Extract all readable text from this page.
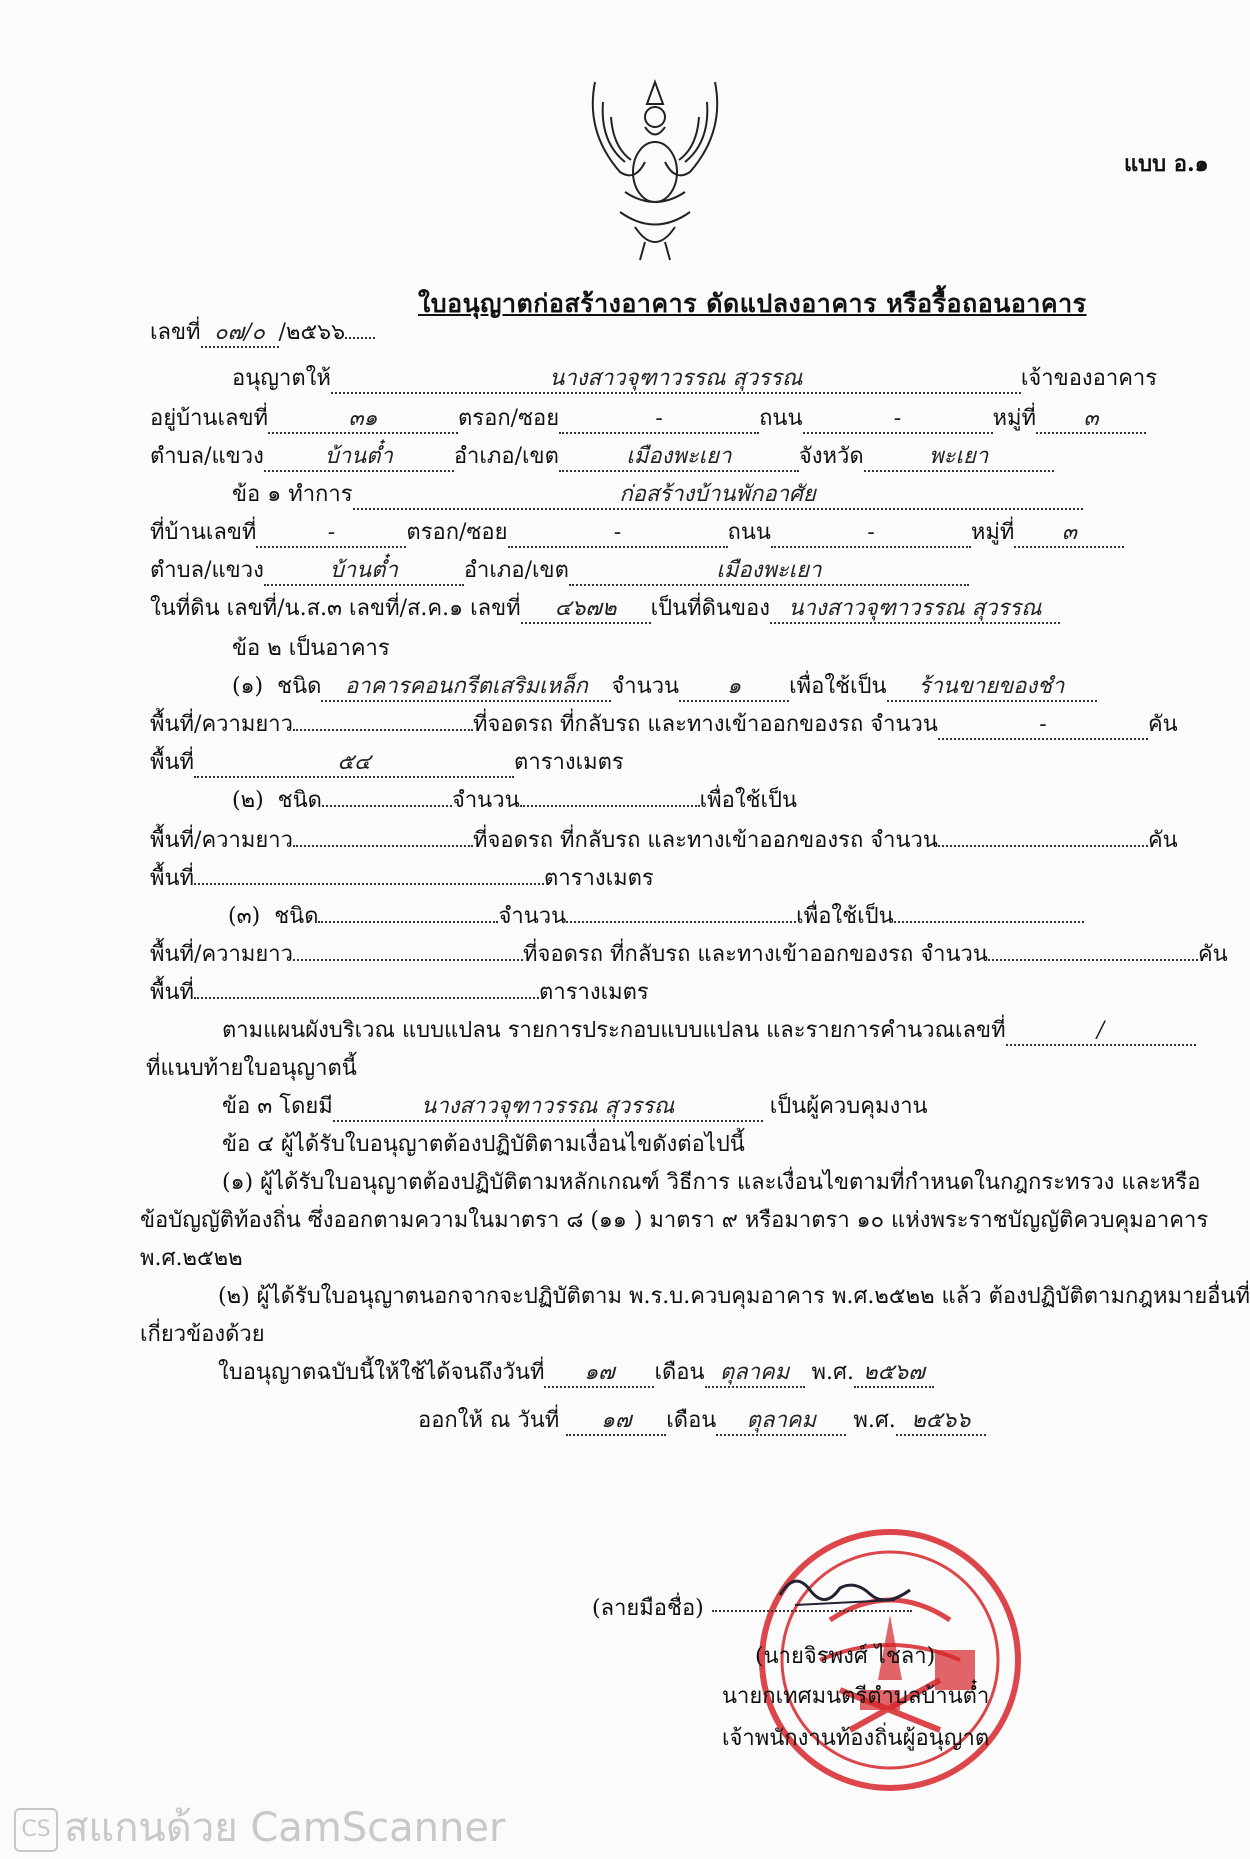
แบบ อ.๑
ใบอนุญาตก่อสร้างอาคาร ดัดแปลงอาคาร หรือรื้อถอนอาคาร
เลขที่ ๐๗/๐ /๒๕๖๖
อนุญาตให้	นางสาวจุฑาวรรณ สุวรรณ	เจ้าของอาคาร
อยู่บ้านเลขที่	๓๑	ตรอก/ซอย	-	ถนน	-	หมู่ที่ ๓
ตำบล/แขวง	บ้านต๋ำ	อำเภอ/เขต	เมืองพะเยา	จังหวัด	พะเยา
ข้อ ๑ ทำการ	ก่อสร้างบ้านพักอาศัย
ที่บ้านเลขที่	-	ตรอก/ซอย	-	ถนน	-	หมู่ที่ ๓
ตำบล/แขวง	บ้านต๋ำ	อำเภอ/เขต	เมืองพะเยา
ในที่ดิน เลขที่/น.ส.๓ เลขที่/ส.ค.๑ เลขที่ ๔๖๗๒ เป็นที่ดินของ นางสาวจุฑาวรรณ สุวรรณ
ข้อ ๒ เป็นอาคาร
(๑) ชนิด อาคารคอนกรีตเสริมเหล็ก จำนวน ๑ เพื่อใช้เป็น ร้านขายของชำ
พื้นที่/ความยาว	ที่จอดรถ ที่กลับรถ และทางเข้าออกของรถ จำนวน	-	คัน
พื้นที่	๕๔	ตารางเมตร
(๒) ชนิด	จำนวน	เพื่อใช้เป็น
พื้นที่/ความยาว	ที่จอดรถ ที่กลับรถ และทางเข้าออกของรถ จำนวน	คัน
พื้นที่	ตารางเมตร
(๓) ชนิด	จำนวน	เพื่อใช้เป็น
พื้นที่/ความยาว	ที่จอดรถ ที่กลับรถ และทางเข้าออกของรถ จำนวน	คัน
พื้นที่	ตารางเมตร
ตามแผนผังบริเวณ แบบแปลน รายการประกอบแบบแปลน และรายการคำนวณเลขที่	/
ที่แนบท้ายใบอนุญาตนี้
ข้อ ๓ โดยมี	นางสาวจุฑาวรรณ สุวรรณ	เป็นผู้ควบคุมงาน
ข้อ ๔ ผู้ได้รับใบอนุญาตต้องปฏิบัติตามเงื่อนไขดังต่อไปนี้
(๑) ผู้ได้รับใบอนุญาตต้องปฏิบัติตามหลักเกณฑ์ วิธีการ และเงื่อนไขตามที่กำหนดในกฎกระทรวง และหรือ
ข้อบัญญัติท้องถิ่น ซึ่งออกตามความในมาตรา ๘ (๑๑ ) มาตรา ๙ หรือมาตรา ๑๐ แห่งพระราชบัญญัติควบคุมอาคาร
พ.ศ.๒๕๒๒
(๒) ผู้ได้รับใบอนุญาตนอกจากจะปฏิบัติตาม พ.ร.บ.ควบคุมอาคาร พ.ศ.๒๕๒๒ แล้ว ต้องปฏิบัติตามกฎหมายอื่นที่
เกี่ยวข้องด้วย
ใบอนุญาตฉบับนี้ให้ใช้ได้จนถึงวันที่ ๑๗ เดือน ตุลาคม พ.ศ. ๒๕๖๗
ออกให้ ณ วันที่ ๑๗ เดือน ตุลาคม พ.ศ. ๒๕๖๖
(ลายมือชื่อ)
(นายจิรพงศ์ ไชลา)
นายกเทศมนตรีตำบลบ้านต๋ำ
เจ้าพนักงานท้องถิ่นผู้อนุญาต
CS สแกนด้วย CamScanner
